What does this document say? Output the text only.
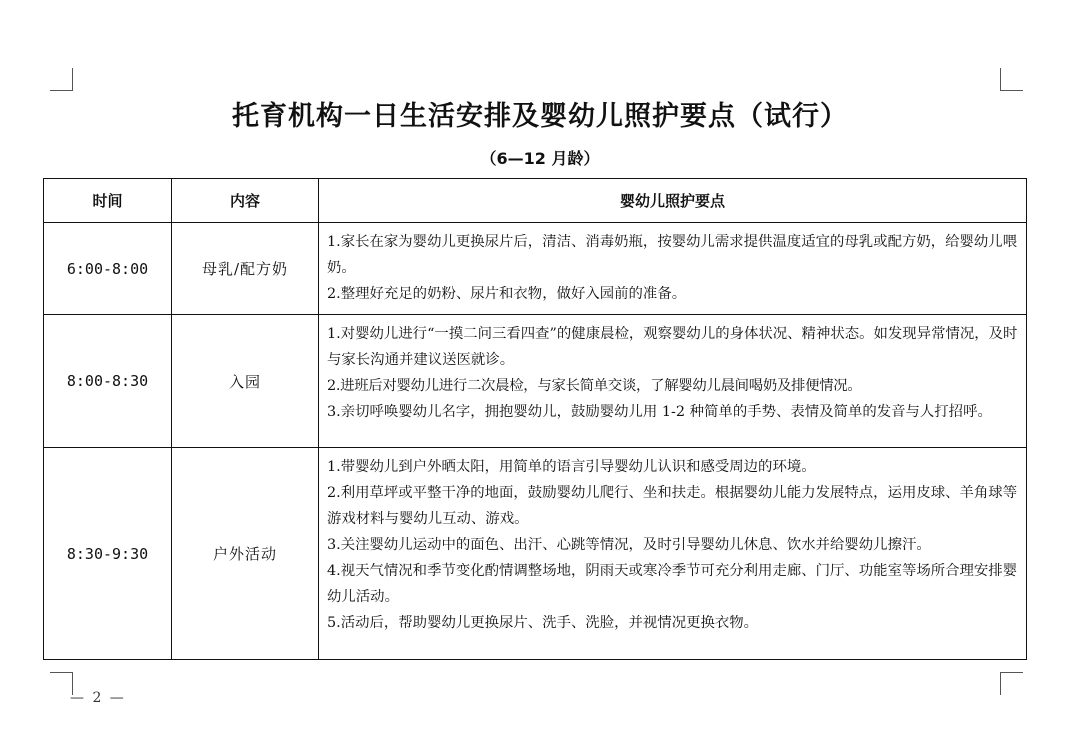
托育机构一日生活安排及婴幼儿照护要点（试行）
（6—12 月龄）
时间	内容	婴幼儿照护要点
6:00-8:00	母乳/配方奶	1.家长在家为婴幼儿更换尿片后，清洁、消毒奶瓶，按婴幼儿需求提供温度适宜的母乳或配方奶，给婴幼儿喂奶。
2.整理好充足的奶粉、尿片和衣物，做好入园前的准备。

8:00-8:30	入园	1.对婴幼儿进行“一摸二问三看四查”的健康晨检，观察婴幼儿的身体状况、精神状态。如发现异常情况，及时与家长沟通并建议送医就诊。
2.进班后对婴幼儿进行二次晨检，与家长简单交谈，了解婴幼儿晨间喝奶及排便情况。
3.亲切呼唤婴幼儿名字，拥抱婴幼儿，鼓励婴幼儿用 1-2 种简单的手势、表情及简单的发音与人打招呼。

8:30-9:30	户外活动	1.带婴幼儿到户外晒太阳，用简单的语言引导婴幼儿认识和感受周边的环境。
2.利用草坪或平整干净的地面，鼓励婴幼儿爬行、坐和扶走。根据婴幼儿能力发展特点，运用皮球、羊角球等游戏材料与婴幼儿互动、游戏。
3.关注婴幼儿运动中的面色、出汗、心跳等情况，及时引导婴幼儿休息、饮水并给婴幼儿擦汗。
4.视天气情况和季节变化酌情调整场地，阴雨天或寒冷季节可充分利用走廊、门厅、功能室等场所合理安排婴幼儿活动。
5.活动后，帮助婴幼儿更换尿片、洗手、洗脸，并视情况更换衣物。
— 2 —
